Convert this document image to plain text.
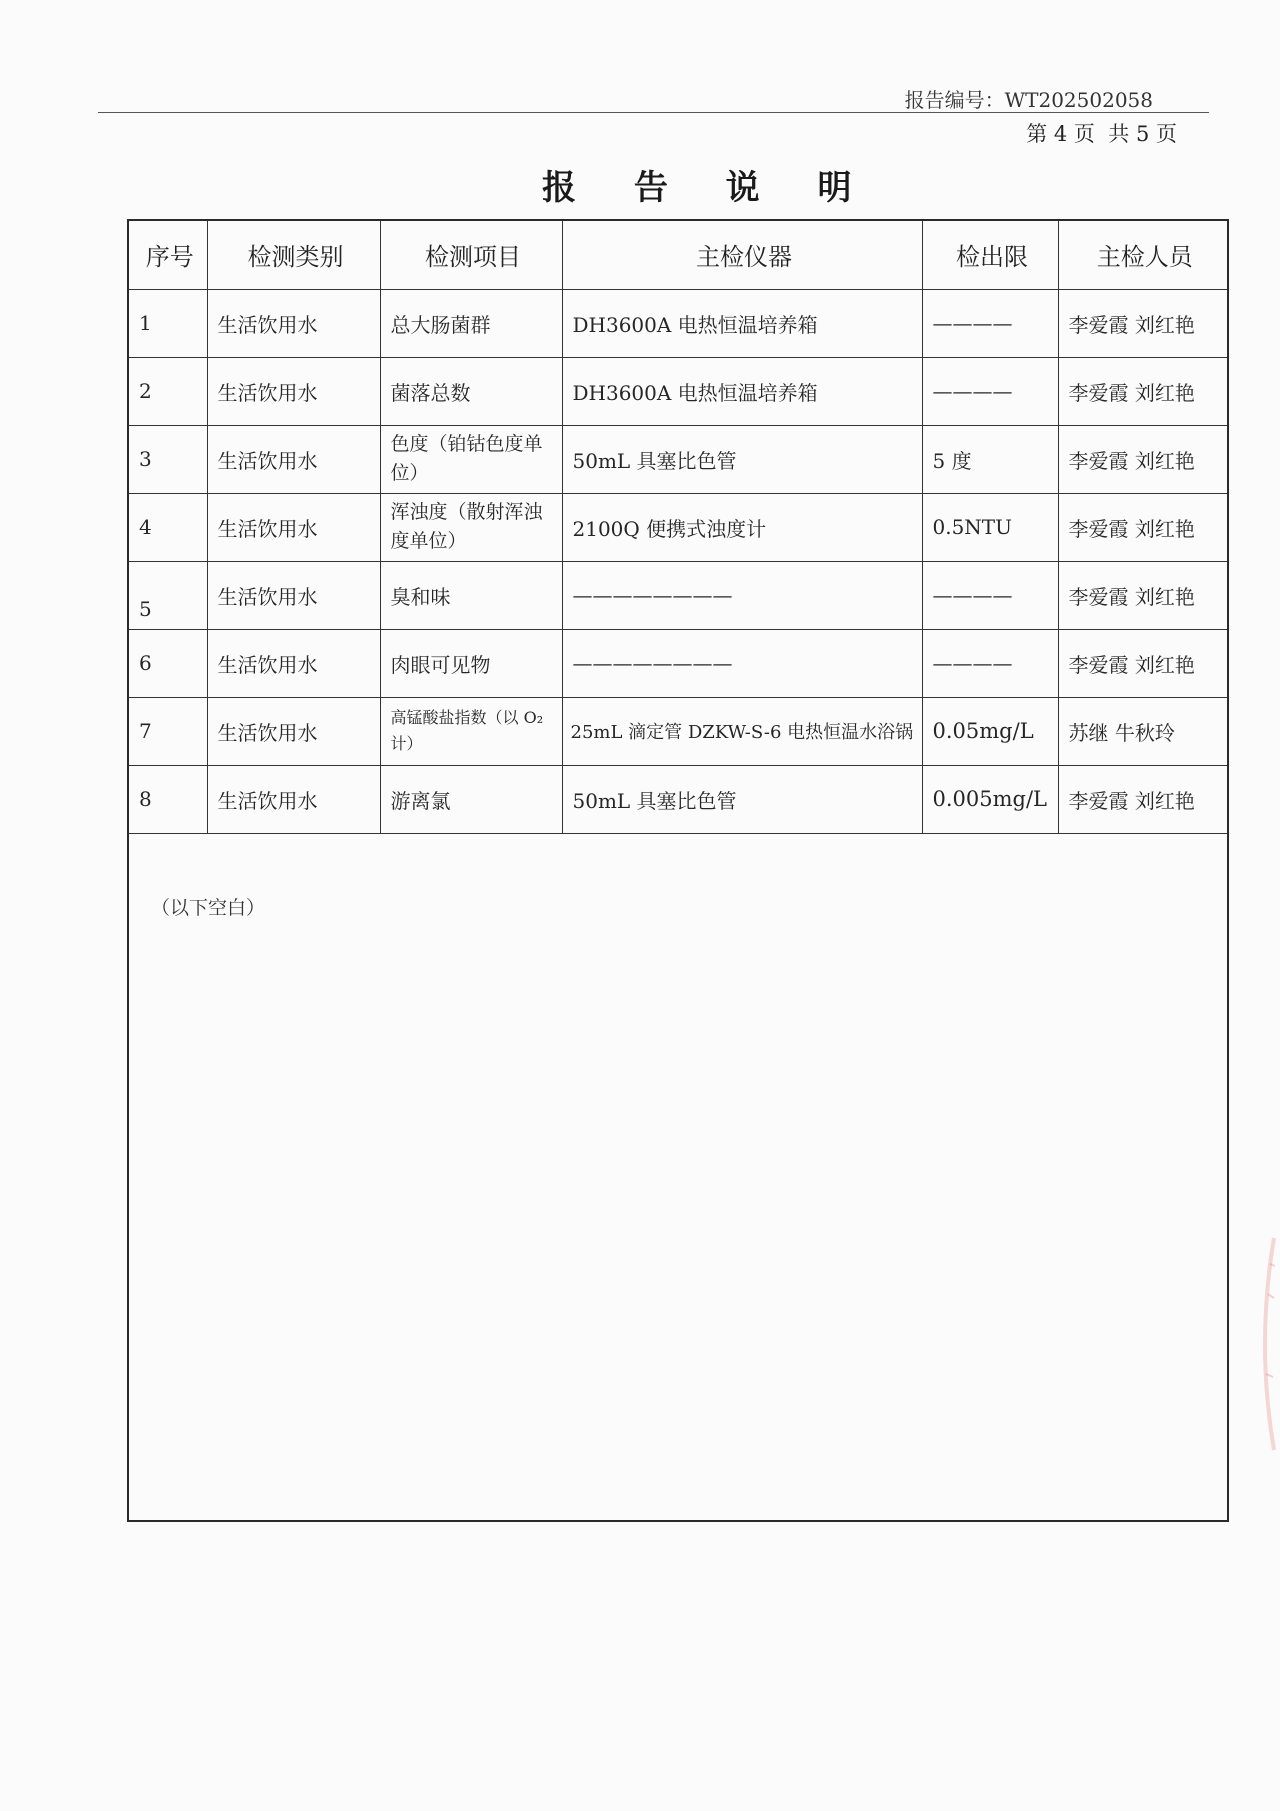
报告编号：WT202502058
第 4 页  共 5 页
报 告 说 明
序号	检测类别	检测项目	主检仪器	检出限	主检人员
1	生活饮用水	总大肠菌群	DH3600A 电热恒温培养箱	————	李爱霞 刘红艳
2	生活饮用水	菌落总数	DH3600A 电热恒温培养箱	————	李爱霞 刘红艳
3	生活饮用水	色度（铂钴色度单位）	50mL 具塞比色管	5 度	李爱霞 刘红艳
4	生活饮用水	浑浊度（散射浑浊度单位）	2100Q 便携式浊度计	0.5NTU	李爱霞 刘红艳
5	生活饮用水	臭和味	————————	————	李爱霞 刘红艳
6	生活饮用水	肉眼可见物	————————	————	李爱霞 刘红艳
7	生活饮用水	高锰酸盐指数（以 O₂ 计）	25mL 滴定管 DZKW-S-6 电热恒温水浴锅	0.05mg/L	苏继 牛秋玲
8	生活饮用水	游离氯	50mL 具塞比色管	0.005mg/L	李爱霞 刘红艳
（以下空白）
